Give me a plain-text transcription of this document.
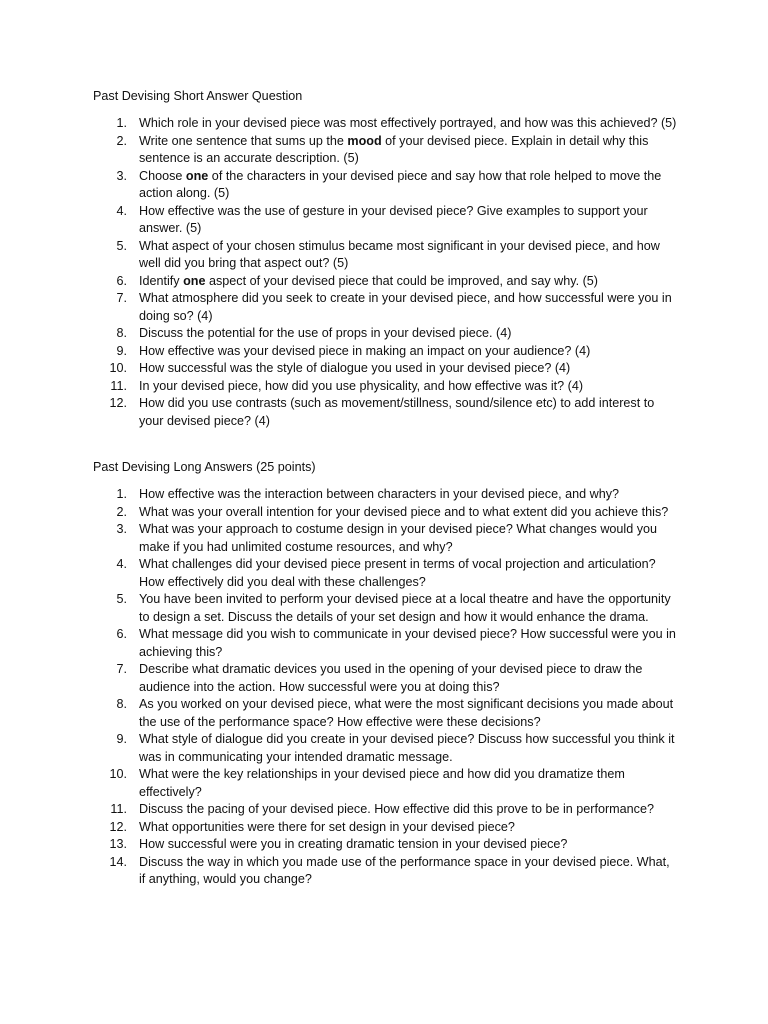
Past Devising Short Answer Question
1. Which role in your devised piece was most effectively portrayed, and how was this achieved? (5)
2. Write one sentence that sums up the mood of your devised piece. Explain in detail why this sentence is an accurate description. (5)
3. Choose one of the characters in your devised piece and say how that role helped to move the action along. (5)
4. How effective was the use of gesture in your devised piece? Give examples to support your answer. (5)
5. What aspect of your chosen stimulus became most significant in your devised piece, and how well did you bring that aspect out? (5)
6. Identify one aspect of your devised piece that could be improved, and say why. (5)
7. What atmosphere did you seek to create in your devised piece, and how successful were you in doing so? (4)
8. Discuss the potential for the use of props in your devised piece. (4)
9. How effective was your devised piece in making an impact on your audience? (4)
10. How successful was the style of dialogue you used in your devised piece? (4)
11. In your devised piece, how did you use physicality, and how effective was it? (4)
12. How did you use contrasts (such as movement/stillness, sound/silence etc) to add interest to your devised piece? (4)
Past Devising Long Answers (25 points)
1. How effective was the interaction between characters in your devised piece, and why?
2. What was your overall intention for your devised piece and to what extent did you achieve this?
3. What was your approach to costume design in your devised piece? What changes would you make if you had unlimited costume resources, and why?
4. What challenges did your devised piece present in terms of vocal projection and articulation? How effectively did you deal with these challenges?
5. You have been invited to perform your devised piece at a local theatre and have the opportunity to design a set. Discuss the details of your set design and how it would enhance the drama.
6. What message did you wish to communicate in your devised piece? How successful were you in achieving this?
7. Describe what dramatic devices you used in the opening of your devised piece to draw the audience into the action. How successful were you at doing this?
8. As you worked on your devised piece, what were the most significant decisions you made about the use of the performance space? How effective were these decisions?
9. What style of dialogue did you create in your devised piece? Discuss how successful you think it was in communicating your intended dramatic message.
10. What were the key relationships in your devised piece and how did you dramatize them effectively?
11. Discuss the pacing of your devised piece. How effective did this prove to be in performance?
12. What opportunities were there for set design in your devised piece?
13. How successful were you in creating dramatic tension in your devised piece?
14. Discuss the way in which you made use of the performance space in your devised piece. What, if anything, would you change?
